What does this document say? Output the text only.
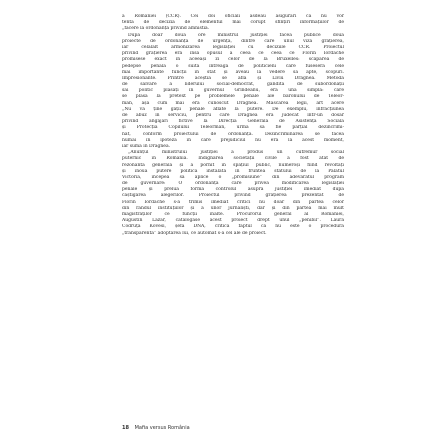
a României (CCR). Cei doi oficiali ăsdeau asigurări că nu vor
tenta de decizia de elementul mai corupt sfințiri informațiilor de
„fâcere la ordonanță privind amnistia.
După doar două ore ministrul justiției făcea publice două
proiecte de ordonanță de urgență, dintre care unul viza grațierea,
iar celălalt armonizarea legislației cu deciziile CCR. Proiectul
privind grațierea era însă opusul a ceea ce ceea ce Florin Iordache
promisese exact în aceeași zi celor de la Bruxelles: scaparea de
pedepse penală o suită întreagă de politicieni care fuseseră cele
mai importante funcții în stat și aveau la vedere să apte, scopuri.
Impresionante. Printre aceștia se afla și Liviu Dragnea. Metoda
de salvare a liderului social-democrat, găndită de subordonații
săi politic plasați în guvernul Grindeanu, era una simplă: care
se plasa la pretext pe problemele penale ale baronului de Teleor-
man, așa cum mai era cunoscut Dragnea. Mascarea legii, art acere
„Nu va ține gații penale aflate la putere. De exemplu, infracțiunea
de abuz în serviciu, pentru care Dragnea era judecat într-un dosar
privind angajări fictive la Direcția Generală de Asistență Socială
și Protecția Copilului Teleorman, urma să fie parțial dezincrimi-
nat, conform proiectului de ordonanță. Dezincriminarea se făcea
numai în ipoteza în care prejudiciul nu era la acest moment,
iar suma în Dragnea.
„Anunțul ministrului justiției a produs un cutremur social
puternic în România. Indignarea societății civile a fost atât de
rezonantă generală și a pornit în spațiul public, numeroși fiind revoltați
și înoua putere politică instalată în fruntea statului de la Palatul
Victoria, începea să aplice o „promisiune” din adevăratul program
de guvernare: O ordonanță care privea modificarea legislației
penale și prelua forma controlul asupra justiției imediat după
câștigarea alegerilor. Proiectul privind grațierea prezentat de
Florin Iordache s-a trimis imediat critici nu doar din partea celor
din rândul instituțiilor și a unor jurnaliști, dar și din partea mai mult
magistraților ce funcții înalte. Procurorul general al României,
Augustin Lazăr, catalogase acest proiect drept unul „penibil”. Laura
Codruța Kövesi, șefa DNA, critica faptul că nu este o procedură
„transparentă” adoptarea lui, ce automat s-a cel ale de proiect.
18 Mafia versus România
